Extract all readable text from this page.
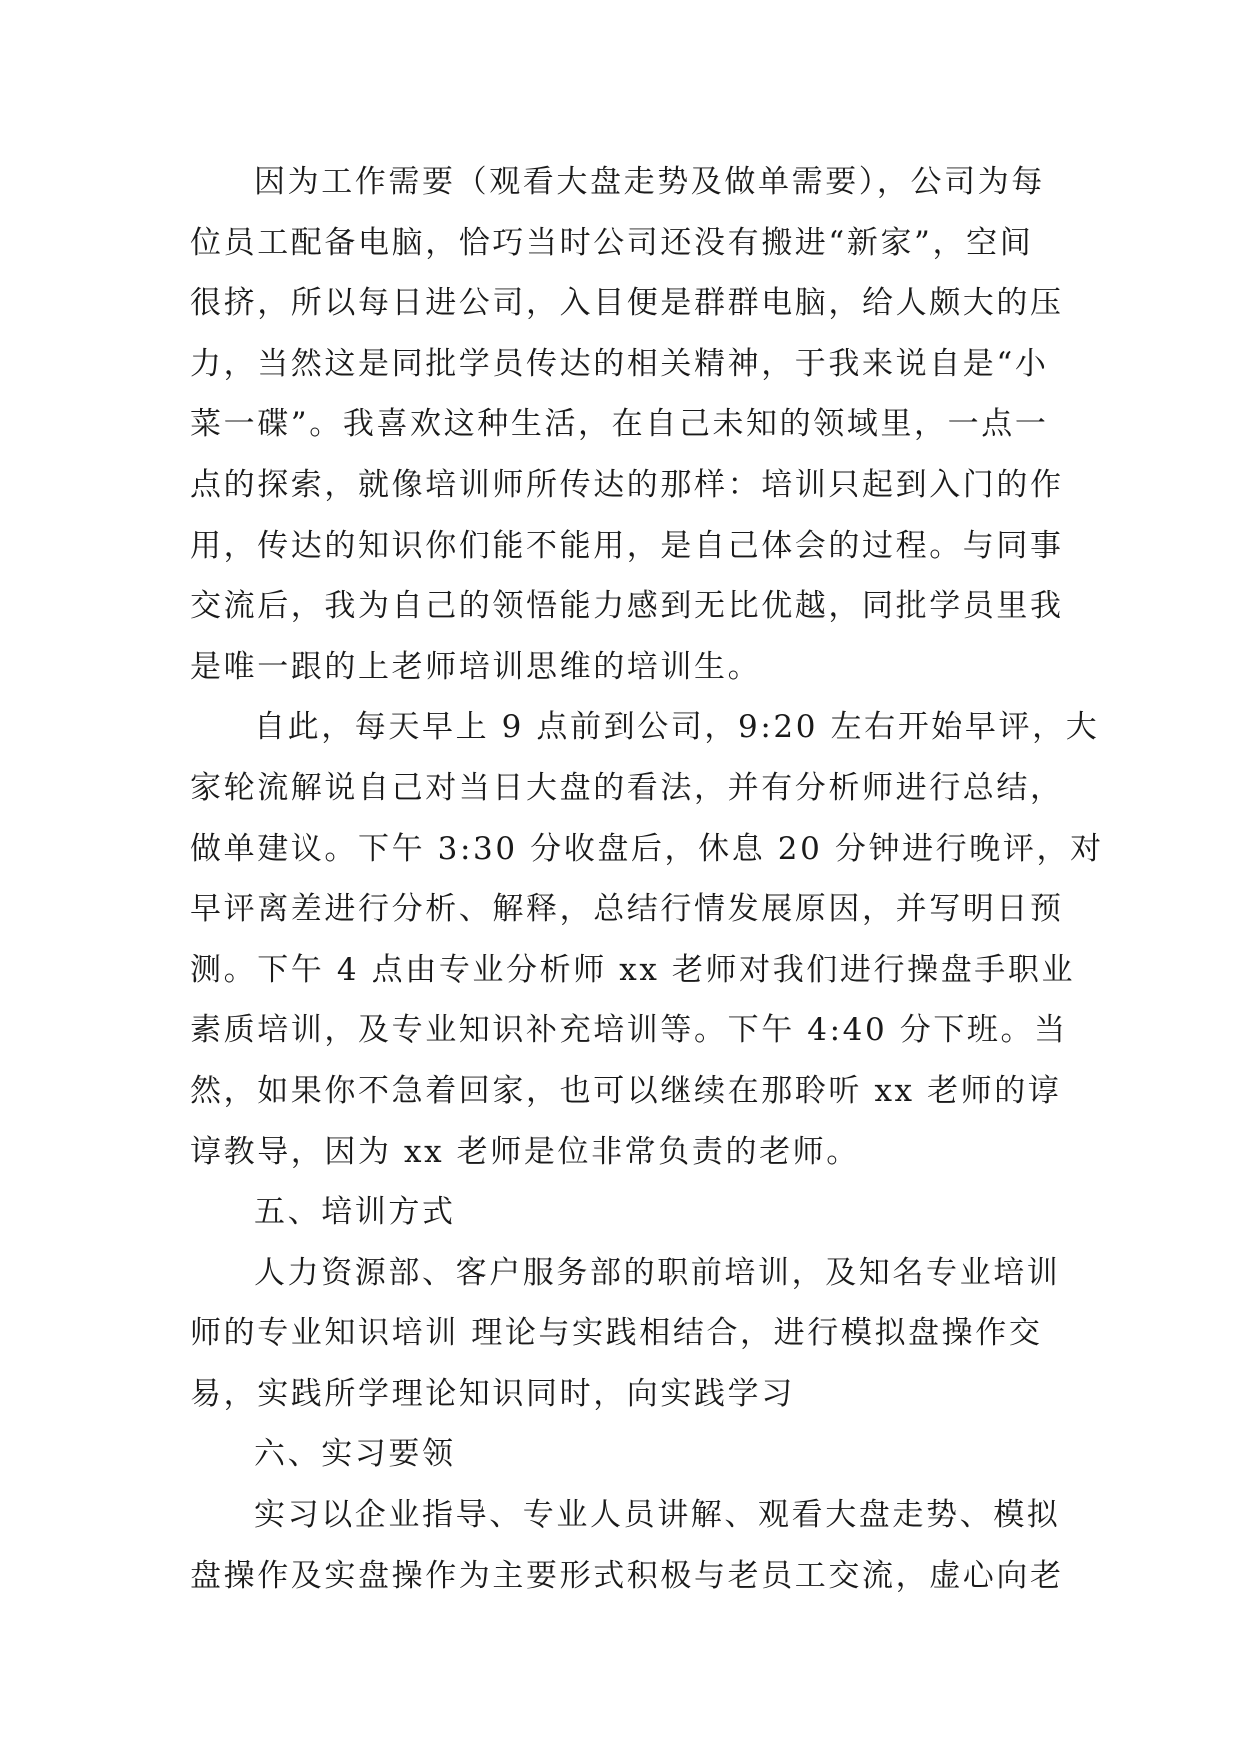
因为工作需要（观看大盘走势及做单需要），公司为每
位员工配备电脑，恰巧当时公司还没有搬进“新家”，空间
很挤，所以每日进公司，入目便是群群电脑，给人颇大的压
力，当然这是同批学员传达的相关精神，于我来说自是“小
菜一碟”。我喜欢这种生活，在自己未知的领域里，一点一
点的探索，就像培训师所传达的那样：培训只起到入门的作
用，传达的知识你们能不能用，是自己体会的过程。与同事
交流后，我为自己的领悟能力感到无比优越，同批学员里我
是唯一跟的上老师培训思维的培训生。
自此，每天早上 9 点前到公司，9:20 左右开始早评，大
家轮流解说自己对当日大盘的看法，并有分析师进行总结，
做单建议。下午 3:30 分收盘后，休息 20 分钟进行晚评，对
早评离差进行分析、解释，总结行情发展原因，并写明日预
测。下午 4 点由专业分析师 xx 老师对我们进行操盘手职业
素质培训，及专业知识补充培训等。下午 4:40 分下班。当
然，如果你不急着回家，也可以继续在那聆听 xx 老师的谆
谆教导，因为 xx 老师是位非常负责的老师。
五、培训方式
人力资源部、客户服务部的职前培训，及知名专业培训
师的专业知识培训 理论与实践相结合，进行模拟盘操作交
易，实践所学理论知识同时，向实践学习
六、实习要领
实习以企业指导、专业人员讲解、观看大盘走势、模拟
盘操作及实盘操作为主要形式积极与老员工交流，虚心向老
